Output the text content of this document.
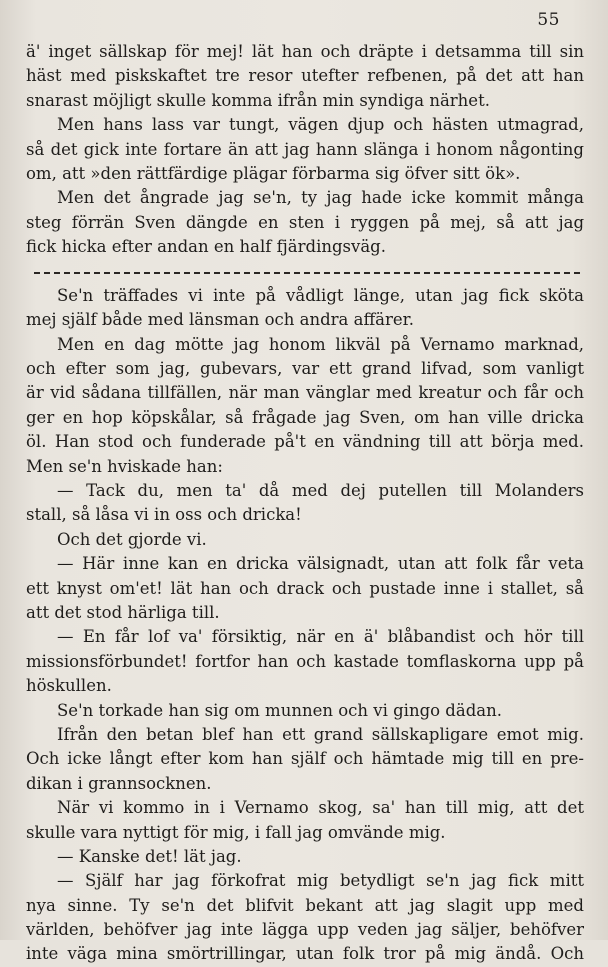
55
ä' inget sällskap för mej! lät han och dräpte i detsamma till sin
häst med piskskaftet tre resor utefter refbenen, på det att han
snarast möjligt skulle komma ifrån min syndiga närhet.
Men hans lass var tungt, vägen djup och hästen utmagrad,
så det gick inte fortare än att jag hann slänga i honom någonting
om, att »den rättfärdige plägar förbarma sig öfver sitt ök».
Men det ångrade jag se'n, ty jag hade icke kommit många
steg förrän Sven dängde en sten i ryggen på mej, så att jag
fick hicka efter andan en half fjärdingsväg.
Se'n träffades vi inte på vådligt länge, utan jag fick sköta
mej själf både med länsman och andra affärer.
Men en dag mötte jag honom likväl på Vernamo marknad,
och efter som jag, gubevars, var ett grand lifvad, som vanligt
är vid sådana tillfällen, när man vänglar med kreatur och får och
ger en hop köpskålar, så frågade jag Sven, om han ville dricka
öl. Han stod och funderade på't en vändning till att börja med.
Men se'n hviskade han:
— Tack du, men ta' då med dej putellen till Molanders
stall, så låsa vi in oss och dricka!
Och det gjorde vi.
— Här inne kan en dricka välsignadt, utan att folk får veta
ett knyst om'et! lät han och drack och pustade inne i stallet, så
att det stod härliga till.
— En får lof va' försiktig, när en ä' blåbandist och hör till
missionsförbundet! fortfor han och kastade tomflaskorna upp på
höskullen.
Se'n torkade han sig om munnen och vi gingo dädan.
Ifrån den betan blef han ett grand sällskapligare emot mig.
Och icke långt efter kom han själf och hämtade mig till en pre-
dikan i grannsocknen.
När vi kommo in i Vernamo skog, sa' han till mig, att det
skulle vara nyttigt för mig, i fall jag omvände mig.
— Kanske det! lät jag.
— Själf har jag förkofrat mig betydligt se'n jag fick mitt
nya sinne. Ty se'n det blifvit bekant att jag slagit upp med
världen, behöfver jag inte lägga upp veden jag säljer, behöfver
inte väga mina smörtrillingar, utan folk tror på mig ändå. Och
